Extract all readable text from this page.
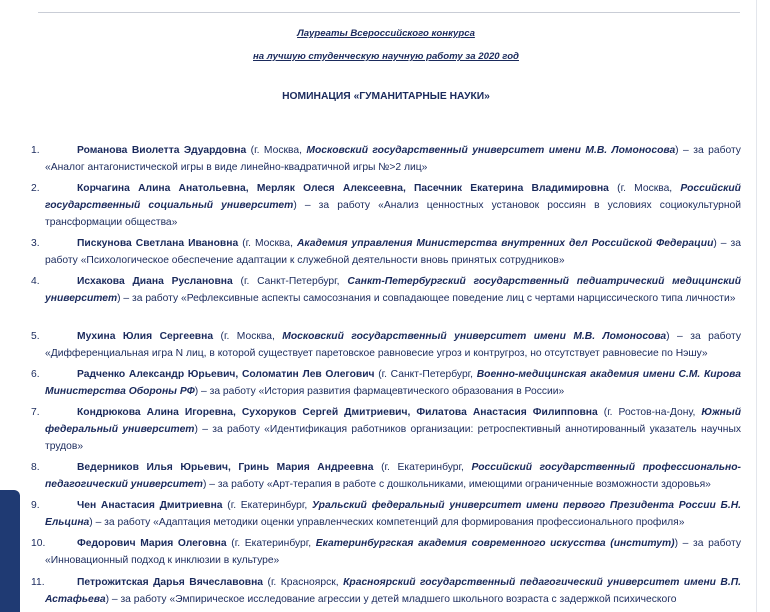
Лауреаты Всероссийского конкурса

на лучшую студенческую научную работу за 2020 год

НОМИНАЦИЯ «ГУМАНИТАРНЫЕ НАУКИ»

1.	Романова Виолетта Эдуардовна (г. Москва, Московский государственный университет имени М.В. Ломоносова) – за работу «Аналог антагонистической игры в виде линейно-квадратичной игры №>2 лиц»
2.	Корчагина Алина Анатольевна, Мерляк Олеся Алексеевна, Пасечник Екатерина Владимировна (г. Москва, Российский государственный социальный университет) – за работу «Анализ ценностных установок россиян в условиях социокультурной трансформации общества»
3.	Пискунова Светлана Ивановна (г. Москва, Академия управления Министерства внутренних дел Российской Федерации) – за работу «Психологическое обеспечение адаптации к служебной деятельности вновь принятых сотрудников»
4.	Исхакова Диана Руслановна (г. Санкт-Петербург, Санкт-Петербургский государственный педиатрический медицинский университет) – за работу «Рефлексивные аспекты самосознания и совпадающее поведение лиц с чертами нарциссического типа личности»
5.	Мухина Юлия Сергеевна (г. Москва, Московский государственный университет имени М.В. Ломоносова) – за работу «Дифференциальная игра N лиц, в которой существует паретовское равновесие угроз и контругроз, но отсутствует равновесие по Нэшу»
6.	Радченко Александр Юрьевич, Соломатин Лев Олегович (г. Санкт-Петербург, Военно-медицинская академия имени С.М. Кирова Министерства Обороны РФ) – за работу «История развития фармацевтического образования в России»
7.	Кондрюкова Алина Игоревна, Сухоруков Сергей Дмитриевич, Филатова Анастасия Филипповна (г. Ростов-на-Дону, Южный федеральный университет) – за работу «Идентификация работников организации: ретроспективный аннотированный указатель научных трудов»
8.	Ведерников Илья Юрьевич, Гринь Мария Андреевна (г. Екатеринбург, Российский государственный профессионально-педагогический университет) – за работу «Арт-терапия в работе с дошкольниками, имеющими ограниченные возможности здоровья»
9.	Чен Анастасия Дмитриевна (г. Екатеринбург, Уральский федеральный университет имени первого Президента России Б.Н. Ельцина) – за работу «Адаптация методики оценки управленческих компетенций для формирования профессионального профиля»
10.	Федорович Мария Олеговна (г. Екатеринбург, Екатеринбургская академия современного искусства (институт)) – за работу «Инновационный подход к инклюзии в культуре»
11.	Петрожитская Дарья Вячеславовна (г. Красноярск, Красноярский государственный педагогический университет имени В.П. Астафьева) – за работу «Эмпирическое исследование агрессии у детей младшего школьного возраста с задержкой психического
